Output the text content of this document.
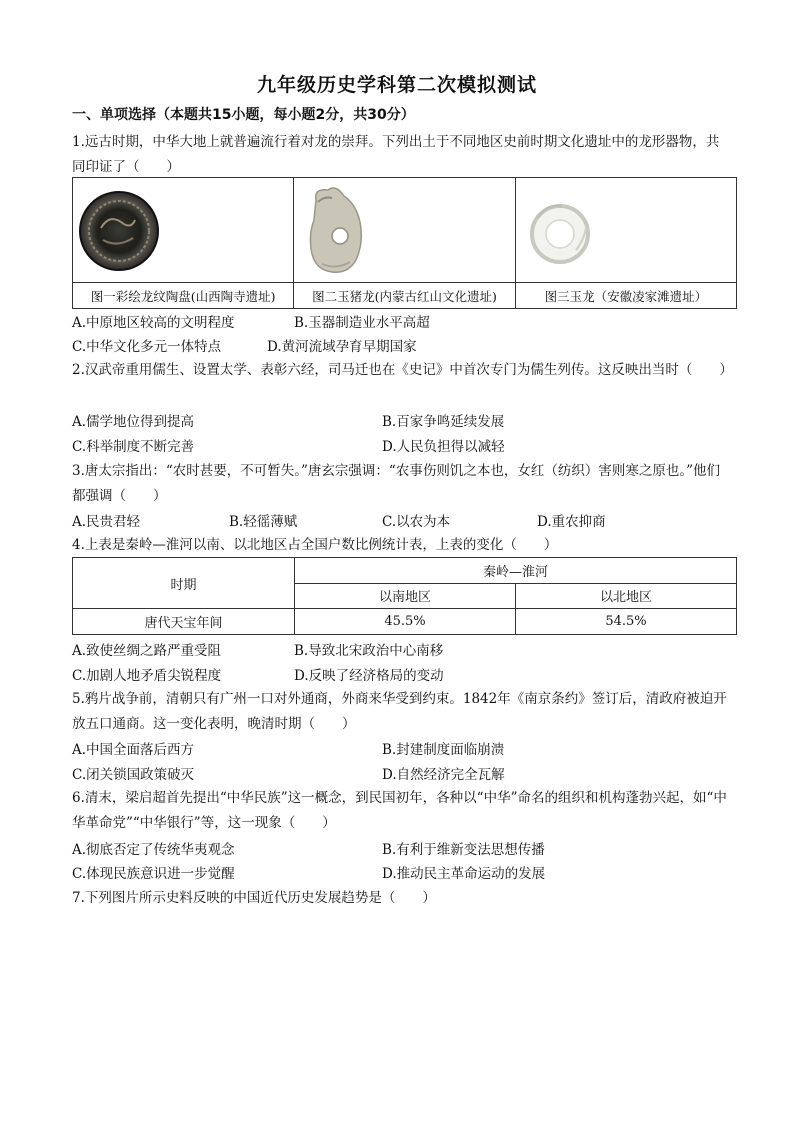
九年级历史学科第二次模拟测试
一、单项选择（本题共15小题，每小题2分，共30分）
1.远古时期，中华大地上就普遍流行着对龙的崇拜。下列出土于不同地区史前时期文化遗址中的龙形器物，共同印证了（　　）

图一彩绘龙纹陶盘(山西陶寺遗址)	图二玉猪龙(内蒙古红山文化遗址)	图三玉龙（安徽凌家滩遗址）
A.中原地区较高的文明程度	B.玉器制造业水平高超
C.中华文化多元一体特点	D.黄河流域孕育早期国家
2.汉武帝重用儒生、设置太学、表彰六经，司马迁也在《史记》中首次专门为儒生列传。这反映出当时（　　）
A.儒学地位得到提高	B.百家争鸣延续发展
C.科举制度不断完善	D.人民负担得以减轻
3.唐太宗指出：“农时甚要，不可暂失。”唐玄宗强调：“农事伤则饥之本也，女红（纺织）害则寒之原也。”他们都强调（　　）
A.民贵君轻	B.轻徭薄赋	C.以农为本	D.重农抑商
4.上表是秦岭—淮河以南、以北地区占全国户数比例统计表，上表的变化（　　）
时期	秦岭—淮河	
	以南地区	以北地区
唐代天宝年间	45.5%	54.5%
A.致使丝绸之路严重受阻	B.导致北宋政治中心南移
C.加剧人地矛盾尖锐程度	D.反映了经济格局的变动
5.鸦片战争前，清朝只有广州一口对外通商，外商来华受到约束。1842年《南京条约》签订后，清政府被迫开放五口通商。这一变化表明，晚清时期（　　）
A.中国全面落后西方	B.封建制度面临崩溃
C.闭关锁国政策破灭	D.自然经济完全瓦解
6.清末，梁启超首先提出“中华民族”这一概念，到民国初年，各种以“中华”命名的组织和机构蓬勃兴起，如“中华革命党”“中华银行”等，这一现象（　　）
A.彻底否定了传统华夷观念	B.有利于维新变法思想传播
C.体现民族意识进一步觉醒	D.推动民主革命运动的发展
7.下列图片所示史料反映的中国近代历史发展趋势是（　　）
